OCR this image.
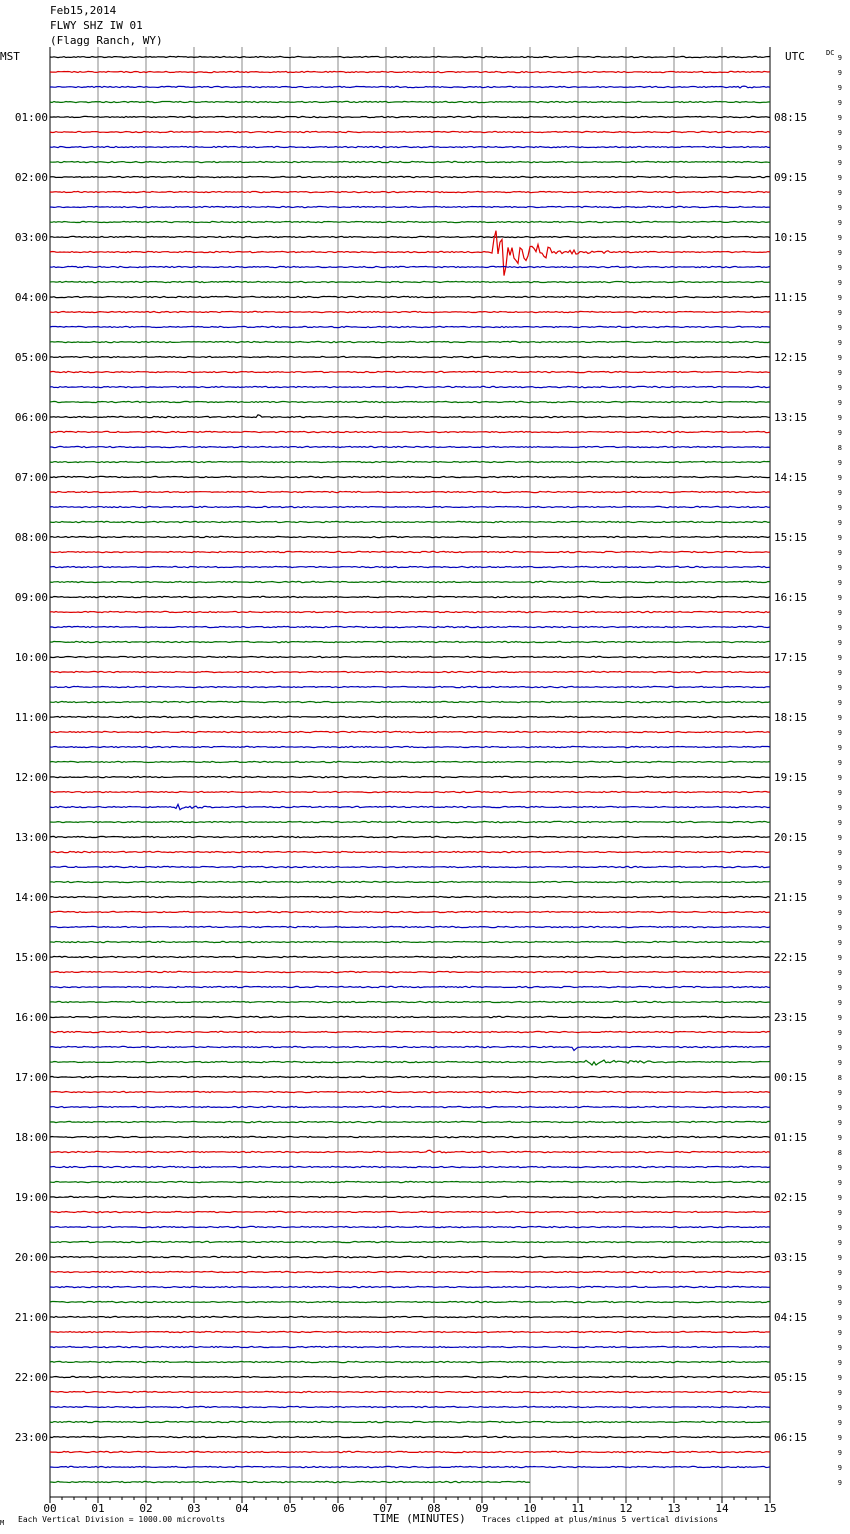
01:00
02:00
03:00
04:00
05:00
06:00
07:00
08:00
09:00
10:00
11:00
12:00
13:00
14:00
15:00
16:00
17:00
18:00
19:00
20:00
21:00
22:00
23:00
08:15
09:15
10:15
11:15
12:15
13:15
14:15
15:15
16:15
17:15
18:15
19:15
20:15
21:15
22:15
23:15
00:15
01:15
02:15
03:15
04:15
05:15
06:15
9
9
9
9
9
9
9
9
9
9
9
9
9
9
9
9
9
9
9
9
9
9
9
9
9
9
8
9
9
9
9
9
9
9
9
9
9
9
9
9
9
9
9
9
9
9
9
9
9
9
9
9
9
9
9
9
9
9
9
9
9
9
9
9
9
9
9
9
8
9
9
9
9
8
9
9
9
9
9
9
9
9
9
9
9
9
9
9
9
9
9
9
9
9
9
9
00	01	02	03	04	05	06	07	08	09	10	11	12	13	14	15
Feb15,2014
FLWY SHZ IW 01
(Flagg Ranch, WY)
MST	UTC	DC
M Each Vertical Division = 1000.00 microvolts	TIME (MINUTES) Traces clipped at plus/minus 5 vertical divisions
